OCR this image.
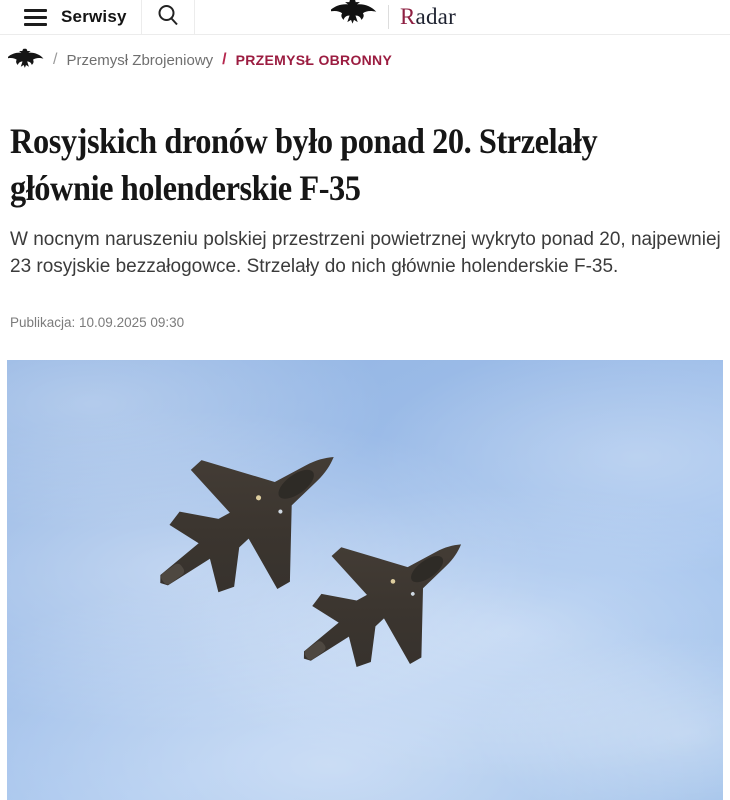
Serwisy	Radar
/ Przemysł Zbrojeniowy / PRZEMYSŁ OBRONNY
Rosyjskich dronów było ponad 20. Strzelały
głównie holenderskie F-35

W nocnym naruszeniu polskiej przestrzeni powietrznej wykryto ponad 20, najpewniej 23 rosyjskie bezzałogowce. Strzelały do nich głównie holenderskie F-35.

Publikacja: 10.09.2025 09:30
